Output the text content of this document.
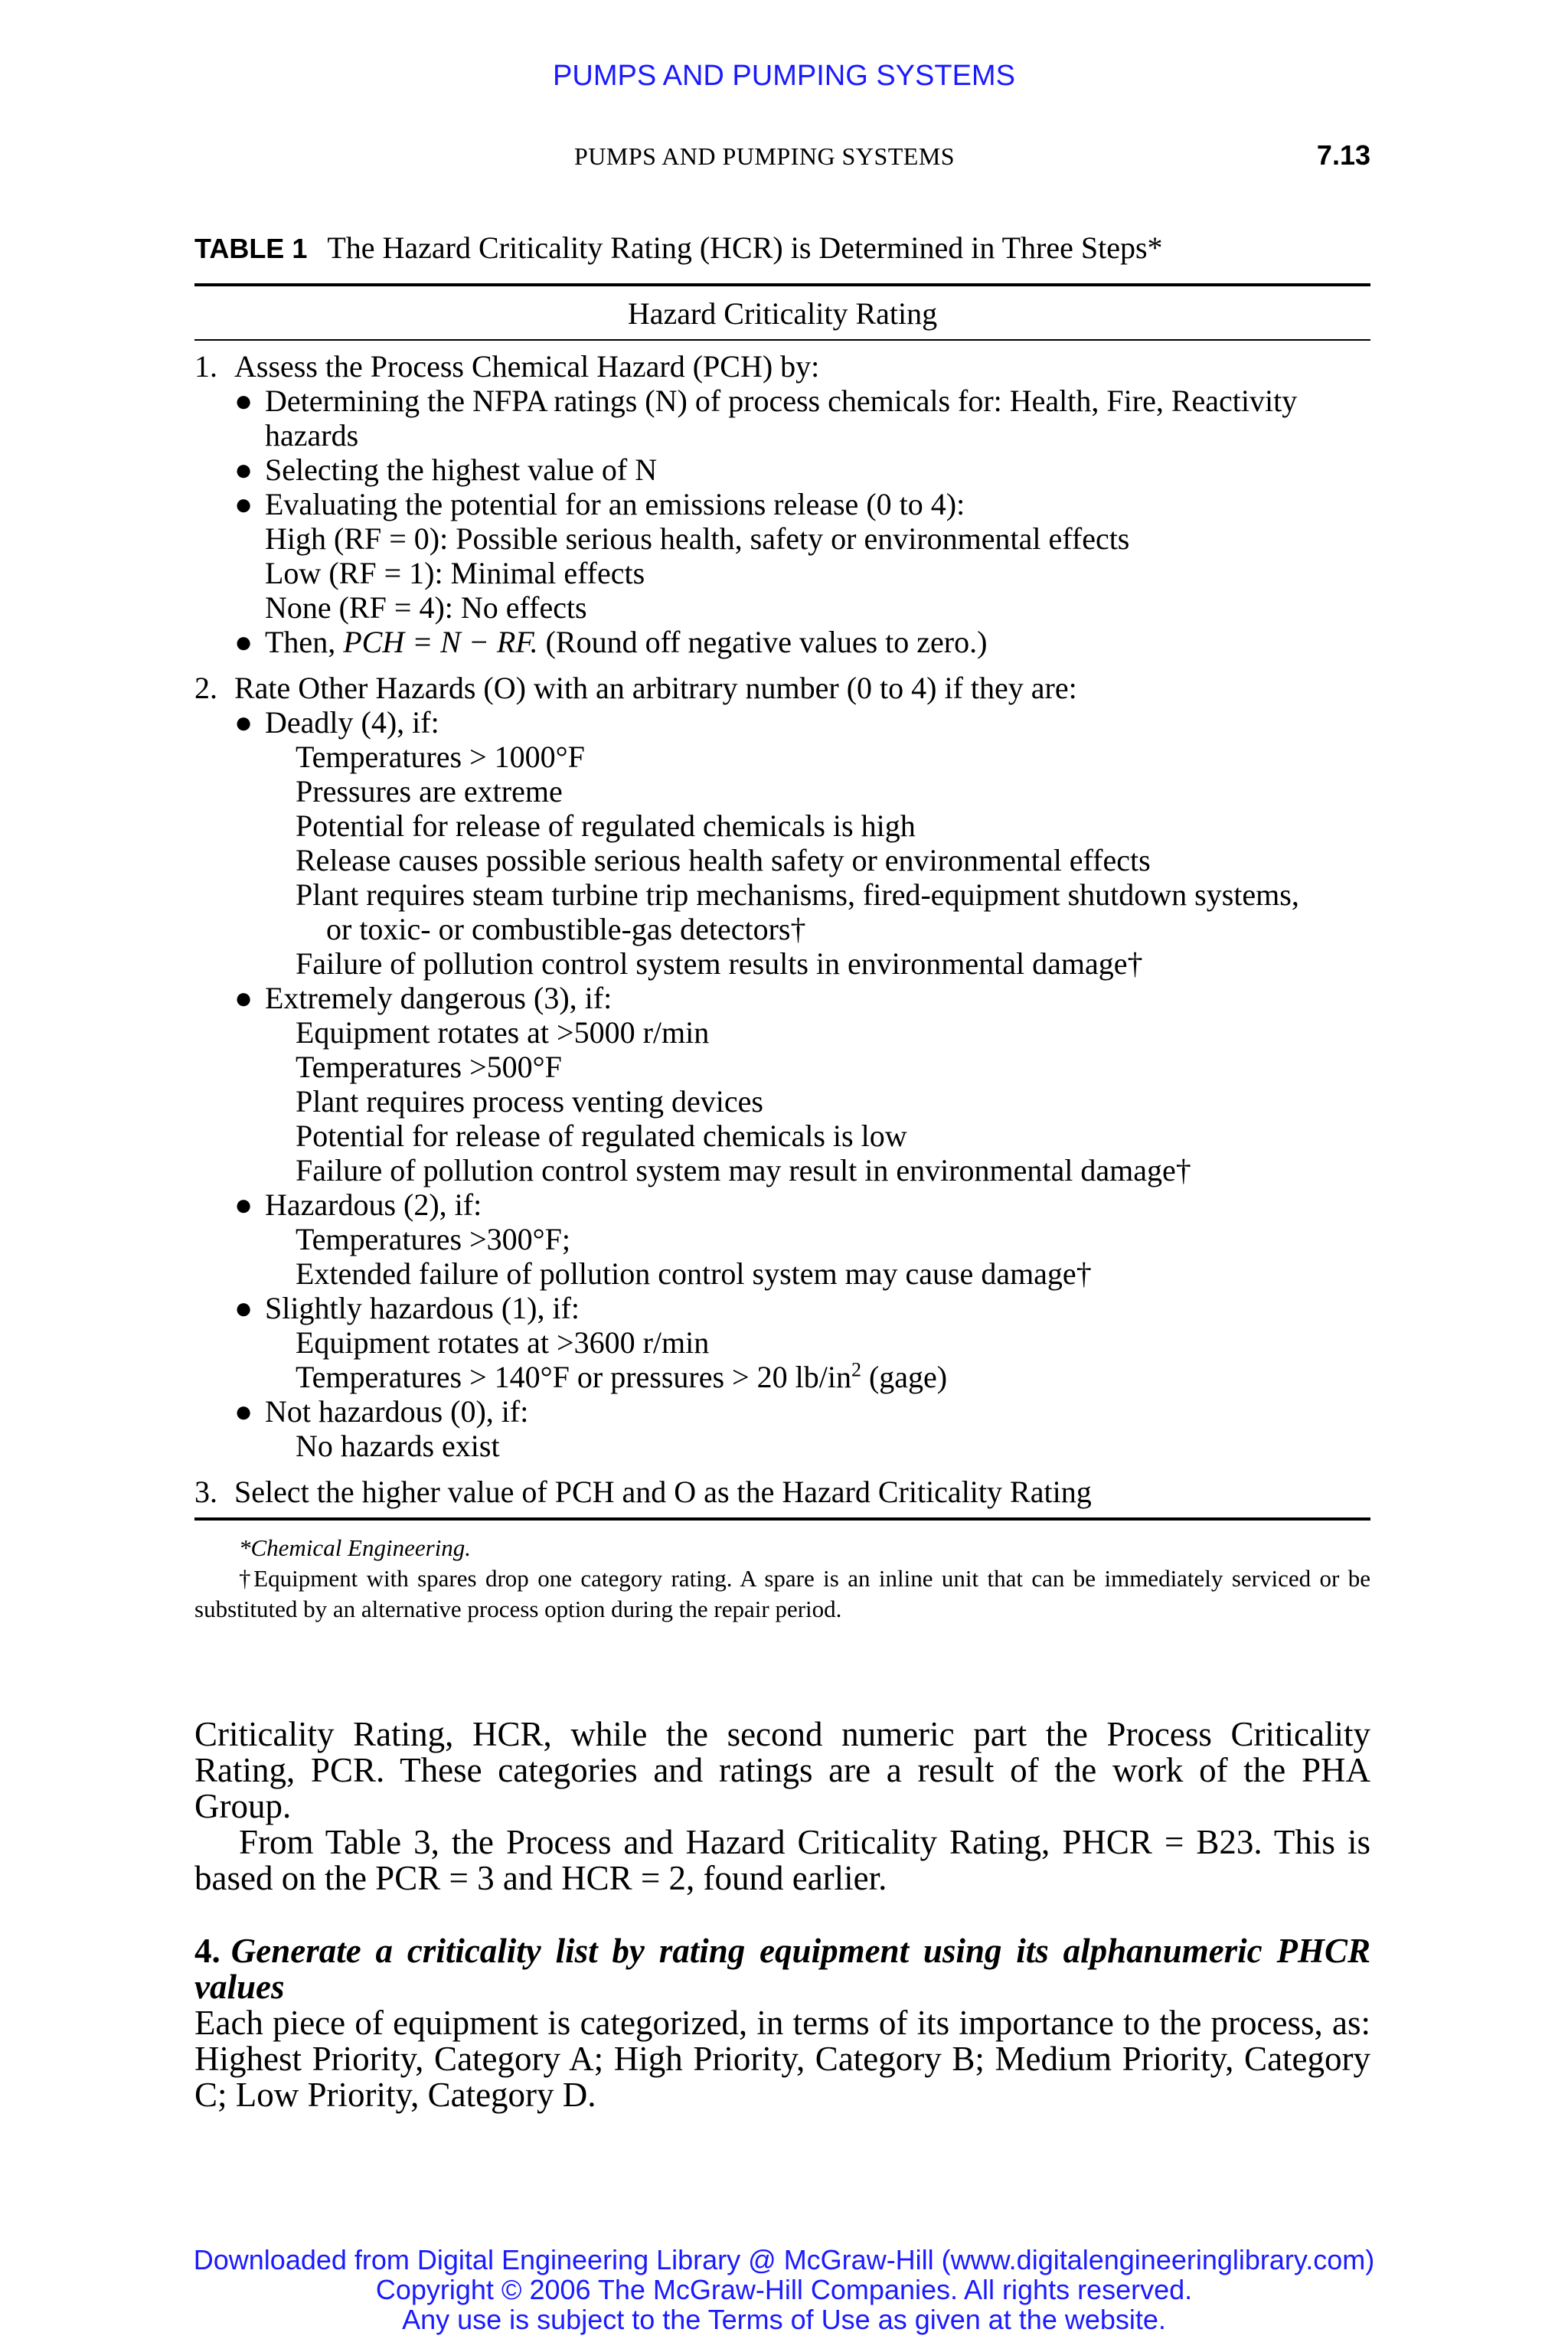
PUMPS AND PUMPING SYSTEMS
PUMPS AND PUMPING SYSTEMS	7.13
TABLE 1 The Hazard Criticality Rating (HCR) is Determined in Three Steps*
Hazard Criticality Rating
1. Assess the Process Chemical Hazard (PCH) by:
● Determining the NFPA ratings (N) of process chemicals for: Health, Fire, Reactivity
hazards
● Selecting the highest value of N
● Evaluating the potential for an emissions release (0 to 4):
High (RF = 0): Possible serious health, safety or environmental effects
Low (RF = 1): Minimal effects
None (RF = 4): No effects
● Then, PCH = N − RF. (Round off negative values to zero.)
2. Rate Other Hazards (O) with an arbitrary number (0 to 4) if they are:
● Deadly (4), if:
Temperatures > 1000°F
Pressures are extreme
Potential for release of regulated chemicals is high
Release causes possible serious health safety or environmental effects
Plant requires steam turbine trip mechanisms, fired-equipment shutdown systems,
or toxic- or combustible-gas detectors†
Failure of pollution control system results in environmental damage†
● Extremely dangerous (3), if:
Equipment rotates at >5000 r/min
Temperatures >500°F
Plant requires process venting devices
Potential for release of regulated chemicals is low
Failure of pollution control system may result in environmental damage†
● Hazardous (2), if:
Temperatures >300°F;
Extended failure of pollution control system may cause damage†
● Slightly hazardous (1), if:
Equipment rotates at >3600 r/min
Temperatures > 140°F or pressures > 20 $lb/in^2$ (gage)
● Not hazardous (0), if:
No hazards exist
3. Select the higher value of PCH and O as the Hazard Criticality Rating
*Chemical Engineering.
†Equipment with spares drop one category rating. A spare is an inline unit that can be immediately serviced or be substituted by an alternative process option during the repair period.

Criticality Rating, HCR, while the second numeric part the Process Criticality Rating, PCR. These categories and ratings are a result of the work of the PHA Group.

From Table 3, the Process and Hazard Criticality Rating, PHCR = B23. This is based on the PCR = 3 and HCR = 2, found earlier.

4. Generate a criticality list by rating equipment using its alphanumeric PHCR values

Each piece of equipment is categorized, in terms of its importance to the process, as: Highest Priority, Category A; High Priority, Category B; Medium Priority, Category C; Low Priority, Category D.

Downloaded from Digital Engineering Library @ McGraw-Hill (www.digitalengineeringlibrary.com)
Copyright © 2006 The McGraw-Hill Companies. All rights reserved.
Any use is subject to the Terms of Use as given at the website.
